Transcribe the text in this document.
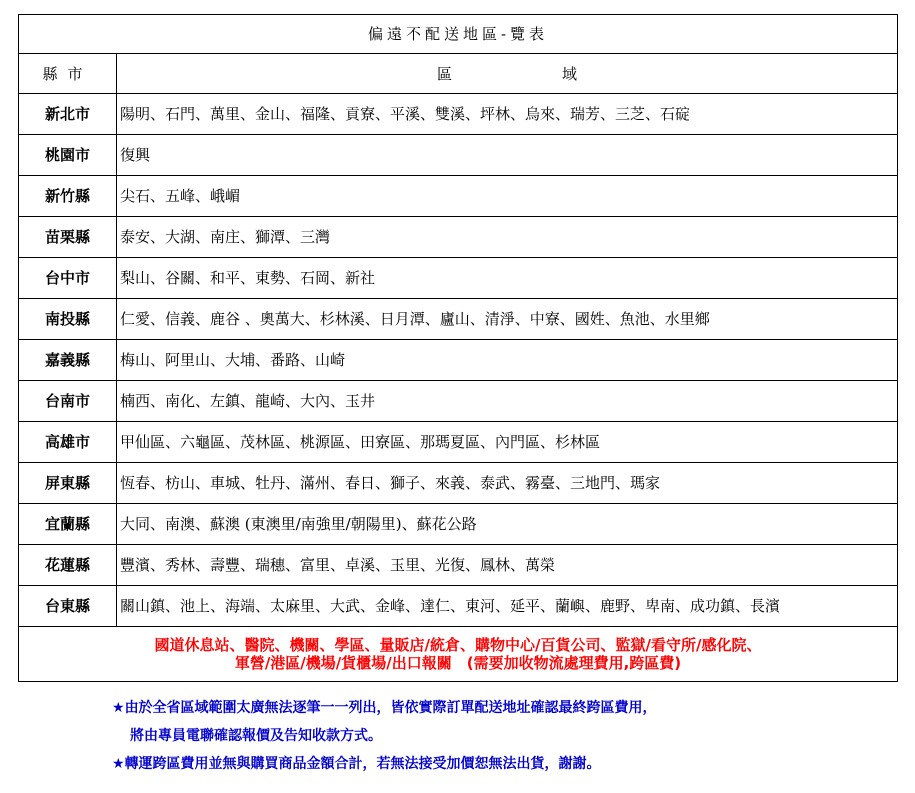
偏遠不配送地區-覽表	
縣市	區 域
新北市	陽明、石門、萬里、金山、福隆、貢寮、平溪、雙溪、坪林、烏來、瑞芳、三芝、石碇
桃園市	復興
新竹縣	尖石、五峰、峨嵋
苗栗縣	泰安、大湖、南庄、獅潭、三灣
台中市	梨山、谷關、和平、東勢、石岡、新社
南投縣	仁愛、信義、鹿谷 、奧萬大、杉林溪、日月潭、廬山、清淨、中寮、國姓、魚池、水里鄉
嘉義縣	梅山、阿里山、大埔、番路、山崎
台南市	楠西、南化、左鎮、龍崎、大內、玉井
高雄市	甲仙區、六龜區、茂林區、桃源區、田寮區、那瑪夏區、內門區、杉林區
屏東縣	恆春、枋山、車城、牡丹、滿州、春日、獅子、來義、泰武、霧臺、三地門、瑪家
宜蘭縣	大同、南澳、蘇澳 (東澳里/南強里/朝陽里)、蘇花公路
花蓮縣	豐濱、秀林、壽豐、瑞穗、富里、卓溪、玉里、光復、鳳林、萬榮
台東縣	關山鎮、池上、海端、太麻里、大武、金峰、達仁、東河、延平、蘭嶼、鹿野、卑南、成功鎮、長濱

國道休息站、醫院、機關、學區、量販店/統倉、購物中心/百貨公司、監獄/看守所/感化院、
軍營/港區/機場/貨櫃場/出口報關　(需要加收物流處理費用,跨區費)	
★由於全省區域範圍太廣無法逐筆一一列出，皆依實際訂單配送地址確認最終跨區費用，
將由專員電聯確認報價及告知收款方式。
★轉運跨區費用並無與購買商品金額合計，若無法接受加價恕無法出貨，謝謝。
